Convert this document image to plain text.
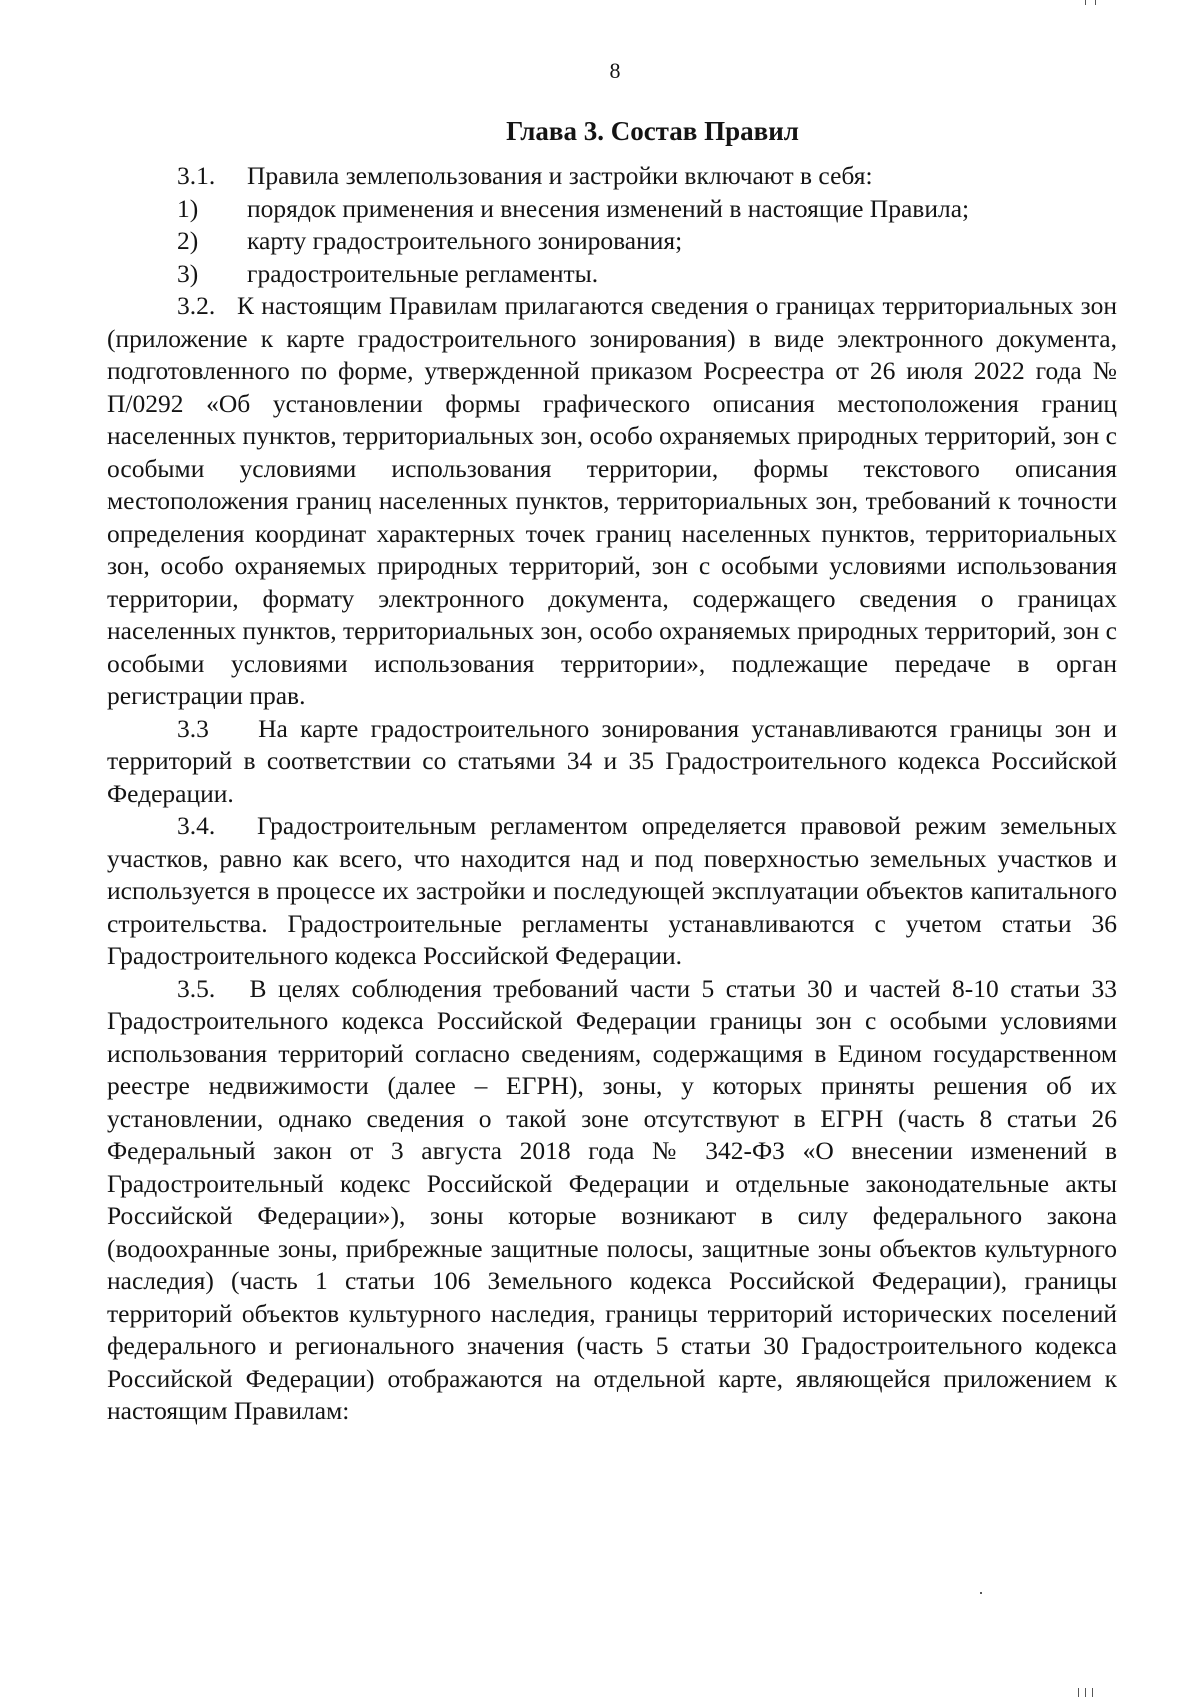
8
Глава 3. Состав Правил
3.1.	Правила землепользования и застройки включают в себя:
1)	порядок применения и внесения изменений в настоящие Правила;
2)	карту градостроительного зонирования;
3)	градостроительные регламенты.

3.2.   К настоящим Правилам прилагаются сведения о границах территориальных зон (приложение к карте градостроительного зонирования) в виде электронного документа, подготовленного по форме, утвержденной приказом Росреестра от 26 июля 2022 года № П/0292 «Об установлении формы графического описания местоположения границ населенных пунктов, территориальных зон, особо охраняемых природных территорий, зон с особыми условиями использования территории, формы текстового описания местоположения границ населенных пунктов, территориальных зон, требований к точности определения координат характерных точек границ населенных пунктов, территориальных зон, особо охраняемых природных территорий, зон с особыми условиями использования территории, формату электронного документа, содержащего сведения о границах населенных пунктов, территориальных зон, особо охраняемых природных территорий, зон с особыми условиями использования территории», подлежащие передаче в орган регистрации прав.

3.3    На карте градостроительного зонирования устанавливаются границы зон и территорий в соответствии со статьями 34 и 35 Градостроительного кодекса Российской Федерации.

3.4.   Градостроительным регламентом определяется правовой режим земельных участков, равно как всего, что находится над и под поверхностью земельных участков и используется в процессе их застройки и последующей эксплуатации объектов капитального строительства. Градостроительные регламенты устанавливаются с учетом статьи 36 Градостроительного кодекса Российской Федерации.

3.5.   В целях соблюдения требований части 5 статьи 30 и частей 8-10 статьи 33 Градостроительного кодекса Российской Федерации границы зон с особыми условиями использования территорий согласно сведениям, содержащимя в Едином государственном реестре недвижимости (далее – ЕГРН), зоны, у которых приняты решения об их установлении, однако сведения о такой зоне отсутствуют в ЕГРН (часть 8 статьи 26 Федеральный закон от 3 августа 2018 года № 342-ФЗ «О внесении изменений в Градостроительный кодекс Российской Федерации и отдельные законодательные акты Российской Федерации»), зоны которые возникают в силу федерального закона (водоохранные зоны, прибрежные защитные полосы, защитные зоны объектов культурного наследия) (часть 1 статьи 106 Земельного кодекса Российской Федерации), границы территорий объектов культурного наследия, границы территорий исторических поселений федерального и регионального значения (часть 5 статьи 30 Градостроительного кодекса Российской Федерации) отображаются на отдельной карте, являющейся приложением к настоящим Правилам:
